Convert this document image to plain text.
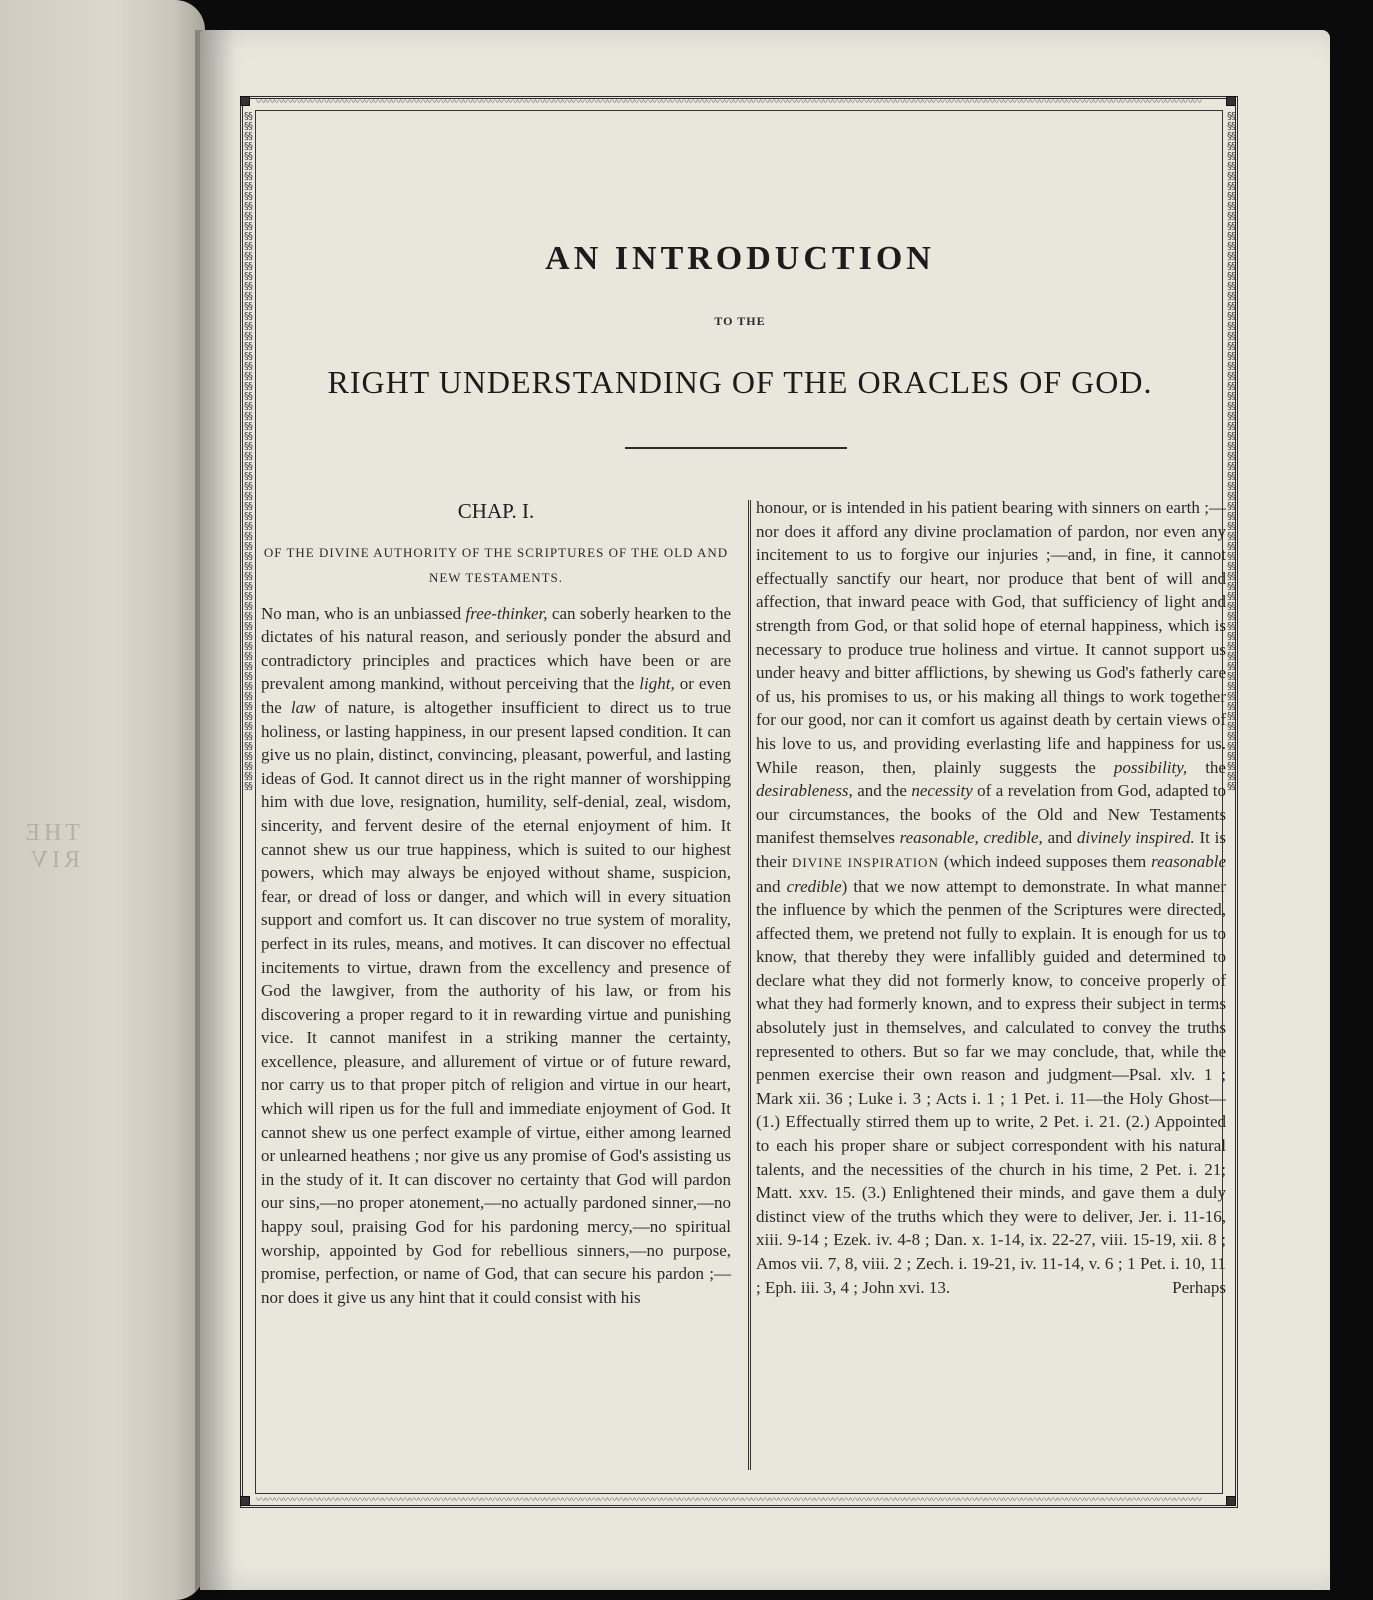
THE RIV
〰〰〰〰〰〰〰〰〰〰〰〰〰〰〰〰〰〰〰〰〰〰〰〰〰〰〰〰〰〰〰〰〰〰〰〰〰〰〰〰〰〰〰〰〰〰〰〰〰〰〰〰〰〰〰〰〰〰〰〰〰〰〰〰〰〰〰〰〰〰〰〰〰〰〰〰〰〰〰〰〰〰〰〰〰〰〰〰〰〰〰〰〰〰〰〰〰〰〰〰〰〰〰〰〰
〰〰〰〰〰〰〰〰〰〰〰〰〰〰〰〰〰〰〰〰〰〰〰〰〰〰〰〰〰〰〰〰〰〰〰〰〰〰〰〰〰〰〰〰〰〰〰〰〰〰〰〰〰〰〰〰〰〰〰〰〰〰〰〰〰〰〰〰〰〰〰〰〰〰〰〰〰〰〰〰〰〰〰〰〰〰〰〰〰〰〰〰〰〰〰〰〰〰〰〰〰〰〰〰〰
§§§§§§§§§§§§§§§§§§§§§§§§§§§§§§§§§§§§§§§§§§§§§§§§§§§§§§§§§§§§§§§§§§§§§§§§§§§§§§§§§§§§§§§§§§§§§§§§§§§§§§§§§§§§§§§§§§§§§§§§§§§§§§§§§§§§§§§§
§§§§§§§§§§§§§§§§§§§§§§§§§§§§§§§§§§§§§§§§§§§§§§§§§§§§§§§§§§§§§§§§§§§§§§§§§§§§§§§§§§§§§§§§§§§§§§§§§§§§§§§§§§§§§§§§§§§§§§§§§§§§§§§§§§§§§§§§
AN INTRODUCTION
TO THE
RIGHT UNDERSTANDING OF THE ORACLES OF GOD.
CHAP. I.
OF THE DIVINE AUTHORITY OF THE SCRIPTURES OF THE OLD AND NEW TESTAMENTS.

No man, who is an unbiassed free-thinker, can soberly hearken to the dictates of his natural reason, and seriously ponder the absurd and contradictory principles and practices which have been or are prevalent among mankind, without perceiving that the light, or even the law of nature, is altogether insufficient to direct us to true holiness, or lasting happiness, in our present lapsed condition. It can give us no plain, distinct, convincing, pleasant, powerful, and lasting ideas of God. It cannot direct us in the right manner of worshipping him with due love, resignation, humility, self-denial, zeal, wisdom, sincerity, and fervent desire of the eternal enjoyment of him. It cannot shew us our true happiness, which is suited to our highest powers, which may always be enjoyed without shame, suspicion, fear, or dread of loss or danger, and which will in every situation support and comfort us. It can discover no true system of morality, perfect in its rules, means, and motives. It can discover no effectual incitements to virtue, drawn from the excellency and presence of God the lawgiver, from the authority of his law, or from his discovering a proper regard to it in rewarding virtue and punishing vice. It cannot manifest in a striking manner the certainty, excellence, pleasure, and allurement of virtue or of future reward, nor carry us to that proper pitch of religion and virtue in our heart, which will ripen us for the full and immediate enjoyment of God. It cannot shew us one perfect example of virtue, either among learned or unlearned heathens ; nor give us any promise of God's assisting us in the study of it. It can discover no certainty that God will pardon our sins,—no proper atonement,—no actually pardoned sinner,—no happy soul, praising God for his pardoning mercy,—no spiritual worship, appointed by God for rebellious sinners,—no purpose, promise, perfection, or name of God, that can secure his pardon ;— nor does it give us any hint that it could consist with his

honour, or is intended in his patient bearing with sinners on earth ;—nor does it afford any divine proclamation of pardon, nor even any incitement to us to forgive our injuries ;—and, in fine, it cannot effectually sanctify our heart, nor produce that bent of will and affection, that inward peace with God, that sufficiency of light and strength from God, or that solid hope of eternal happiness, which is necessary to produce true holiness and virtue. It cannot support us under heavy and bitter afflictions, by shewing us God's fatherly care of us, his promises to us, or his making all things to work together for our good, nor can it comfort us against death by certain views of his love to us, and providing everlasting life and happiness for us. While reason, then, plainly suggests the possibility, the desirableness, and the necessity of a revelation from God, adapted to our circumstances, the books of the Old and New Testaments manifest themselves reasonable, credible, and divinely inspired. It is their DIVINE INSPIRATION (which indeed supposes them reasonable and credible) that we now attempt to demonstrate. In what manner the influence by which the penmen of the Scriptures were directed, affected them, we pretend not fully to explain. It is enough for us to know, that thereby they were infallibly guided and determined to declare what they did not formerly know, to conceive properly of what they had formerly known, and to express their subject in terms absolutely just in themselves, and calculated to convey the truths represented to others. But so far we may conclude, that, while the penmen exercise their own reason and judgment—Psal. xlv. 1 ; Mark xii. 36 ; Luke i. 3 ; Acts i. 1 ; 1 Pet. i. 11—the Holy Ghost—(1.) Effectually stirred them up to write, 2 Pet. i. 21. (2.) Appointed to each his proper share or subject correspondent with his natural talents, and the necessities of the church in his time, 2 Pet. i. 21; Matt. xxv. 15. (3.) Enlightened their minds, and gave them a duly distinct view of the truths which they were to deliver, Jer. i. 11-16, xiii. 9-14 ; Ezek. iv. 4-8 ; Dan. x. 1-14, ix. 22-27, viii. 15-19, xii. 8 ; Amos vii. 7, 8, viii. 2 ; Zech. i. 19-21, iv. 11-14, v. 6 ; 1 Pet. i. 10, 11 ; Eph. iii. 3, 4 ; John xvi. 13.	Perhaps
